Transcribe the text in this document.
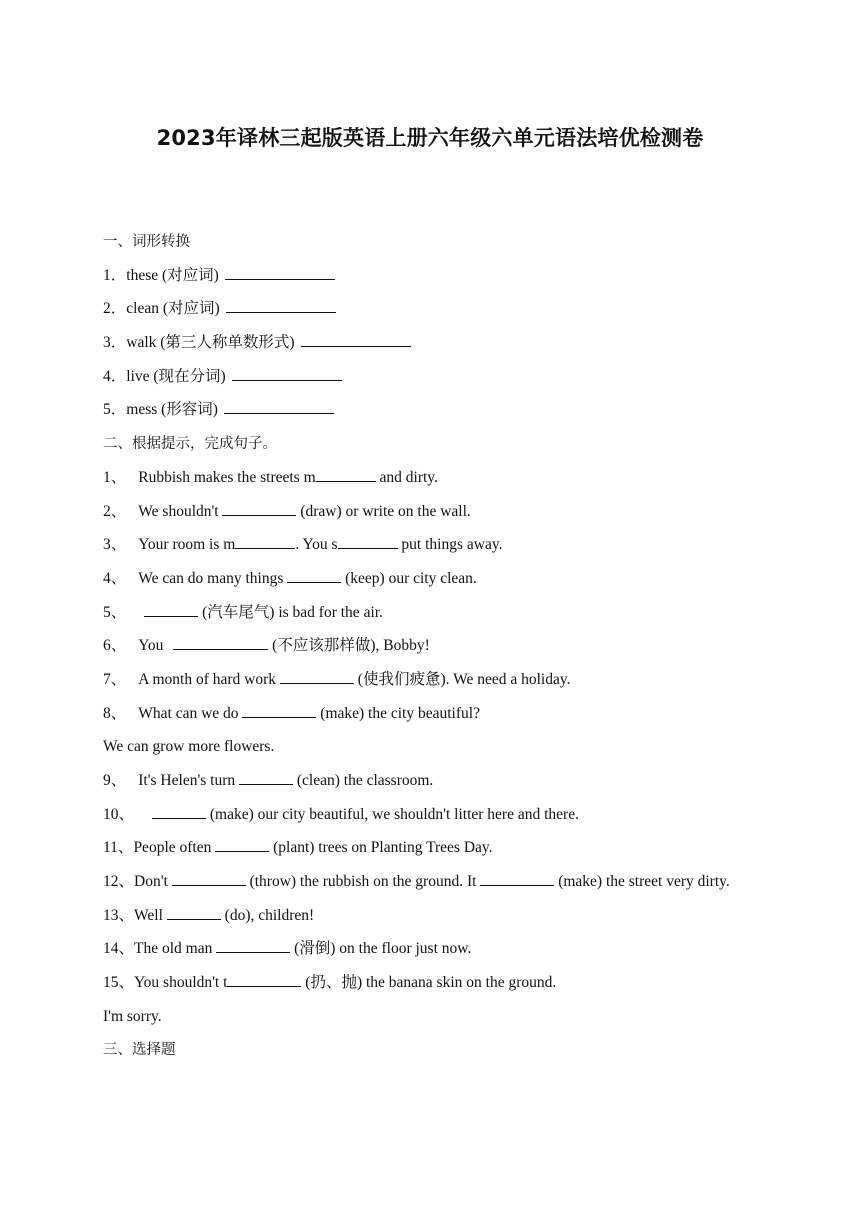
2023年译林三起版英语上册六年级六单元语法培优检测卷
一、词形转换
1．these (对应词)
2．clean (对应词)
3．walk (第三人称单数形式)
4．live (现在分词)
5．mess (形容词)
二、根据提示，完成句子。
1、 Rubbish makes the streets m	and dirty.
2、 We shouldn't	(draw) or write on the wall.
3、 Your room is m	. You s	put things away.
4、 We can do many things	(keep) our city clean.
5、	(汽车尾气) is bad for the air.
6、 You	(不应该那样做), Bobby!
7、 A month of hard work	(使我们疲惫). We need a holiday.
8、 What can we do	(make) the city beautiful?
We can grow more flowers.
9、 It's Helen's turn	(clean) the classroom.
10、	(make) our city beautiful, we shouldn't litter here and there.
11、People often	(plant) trees on Planting Trees Day.
12、Don't	(throw) the rubbish on the ground. It	(make) the street very dirty.
13、Well	(do), children!
14、The old man	(滑倒) on the floor just now.
15、You shouldn't t	(扔、抛) the banana skin on the ground.
I'm sorry.
三、选择题
